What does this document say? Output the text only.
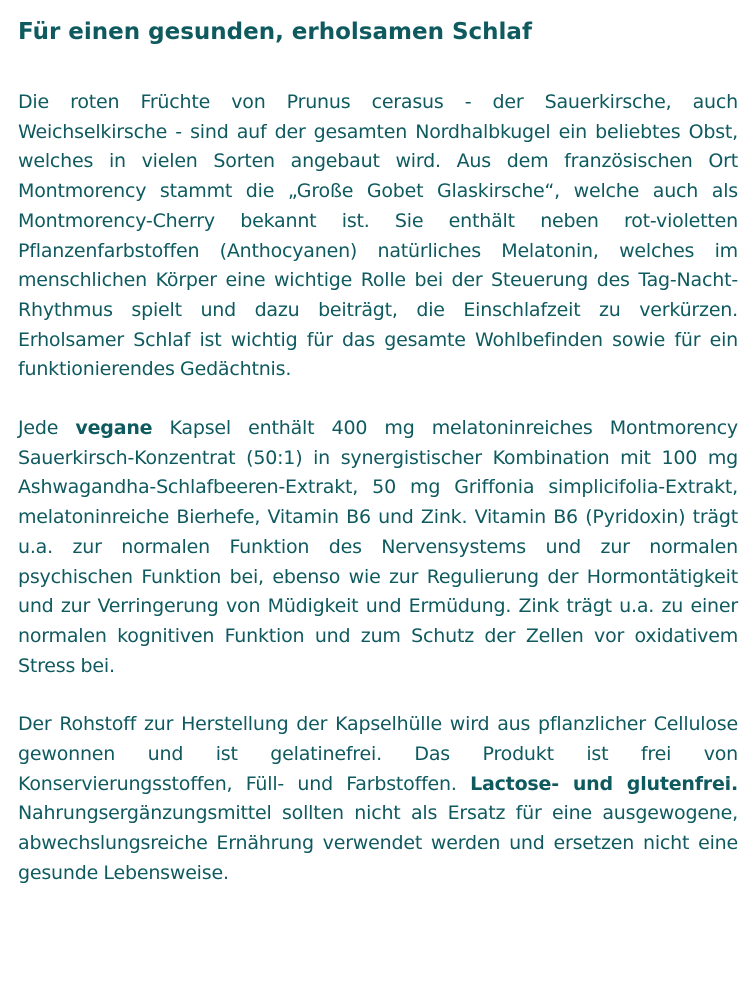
Für einen gesunden, erholsamen Schlaf

Die roten Früchte von Prunus cerasus - der Sauerkirsche, auch Weichselkirsche - sind auf der gesamten Nordhalbkugel ein beliebtes Obst, welches in vielen Sorten angebaut wird. Aus dem französischen Ort Montmorency stammt die „Große Gobet Glaskirsche“, welche auch als Montmorency-Cherry bekannt ist. Sie enthält neben rot-violetten Pflanzenfarbstoffen (Anthocyanen) natürliches Melatonin, welches im menschlichen Körper eine wichtige Rolle bei der Steuerung des Tag-Nacht-Rhythmus spielt und dazu beiträgt, die Einschlafzeit zu verkürzen. Erholsamer Schlaf ist wichtig für das gesamte Wohlbefinden sowie für ein funktionierendes Gedächtnis.

Jede vegane Kapsel enthält 400 mg melatoninreiches Montmorency Sauerkirsch-Konzentrat (50:1) in synergistischer Kombination mit 100 mg Ashwagandha-Schlafbeeren-Extrakt, 50 mg Griffonia simplicifolia-Extrakt, melatoninreiche Bierhefe, Vitamin B6 und Zink. Vitamin B6 (Pyridoxin) trägt u.a. zur normalen Funktion des Nervensystems und zur normalen psychischen Funktion bei, ebenso wie zur Regulierung der Hormontätigkeit und zur Verringerung von Müdigkeit und Ermüdung. Zink trägt u.a. zu einer normalen kognitiven Funktion und zum Schutz der Zellen vor oxidativem Stress bei.

Der Rohstoff zur Herstellung der Kapselhülle wird aus pflanzlicher Cellulose gewonnen und ist gelatinefrei. Das Produkt ist frei von Konservierungsstoffen, Füll- und Farbstoffen. Lactose- und glutenfrei. Nahrungsergänzungsmittel sollten nicht als Ersatz für eine ausgewogene, abwechslungsreiche Ernährung verwendet werden und ersetzen nicht eine gesunde Lebensweise.
